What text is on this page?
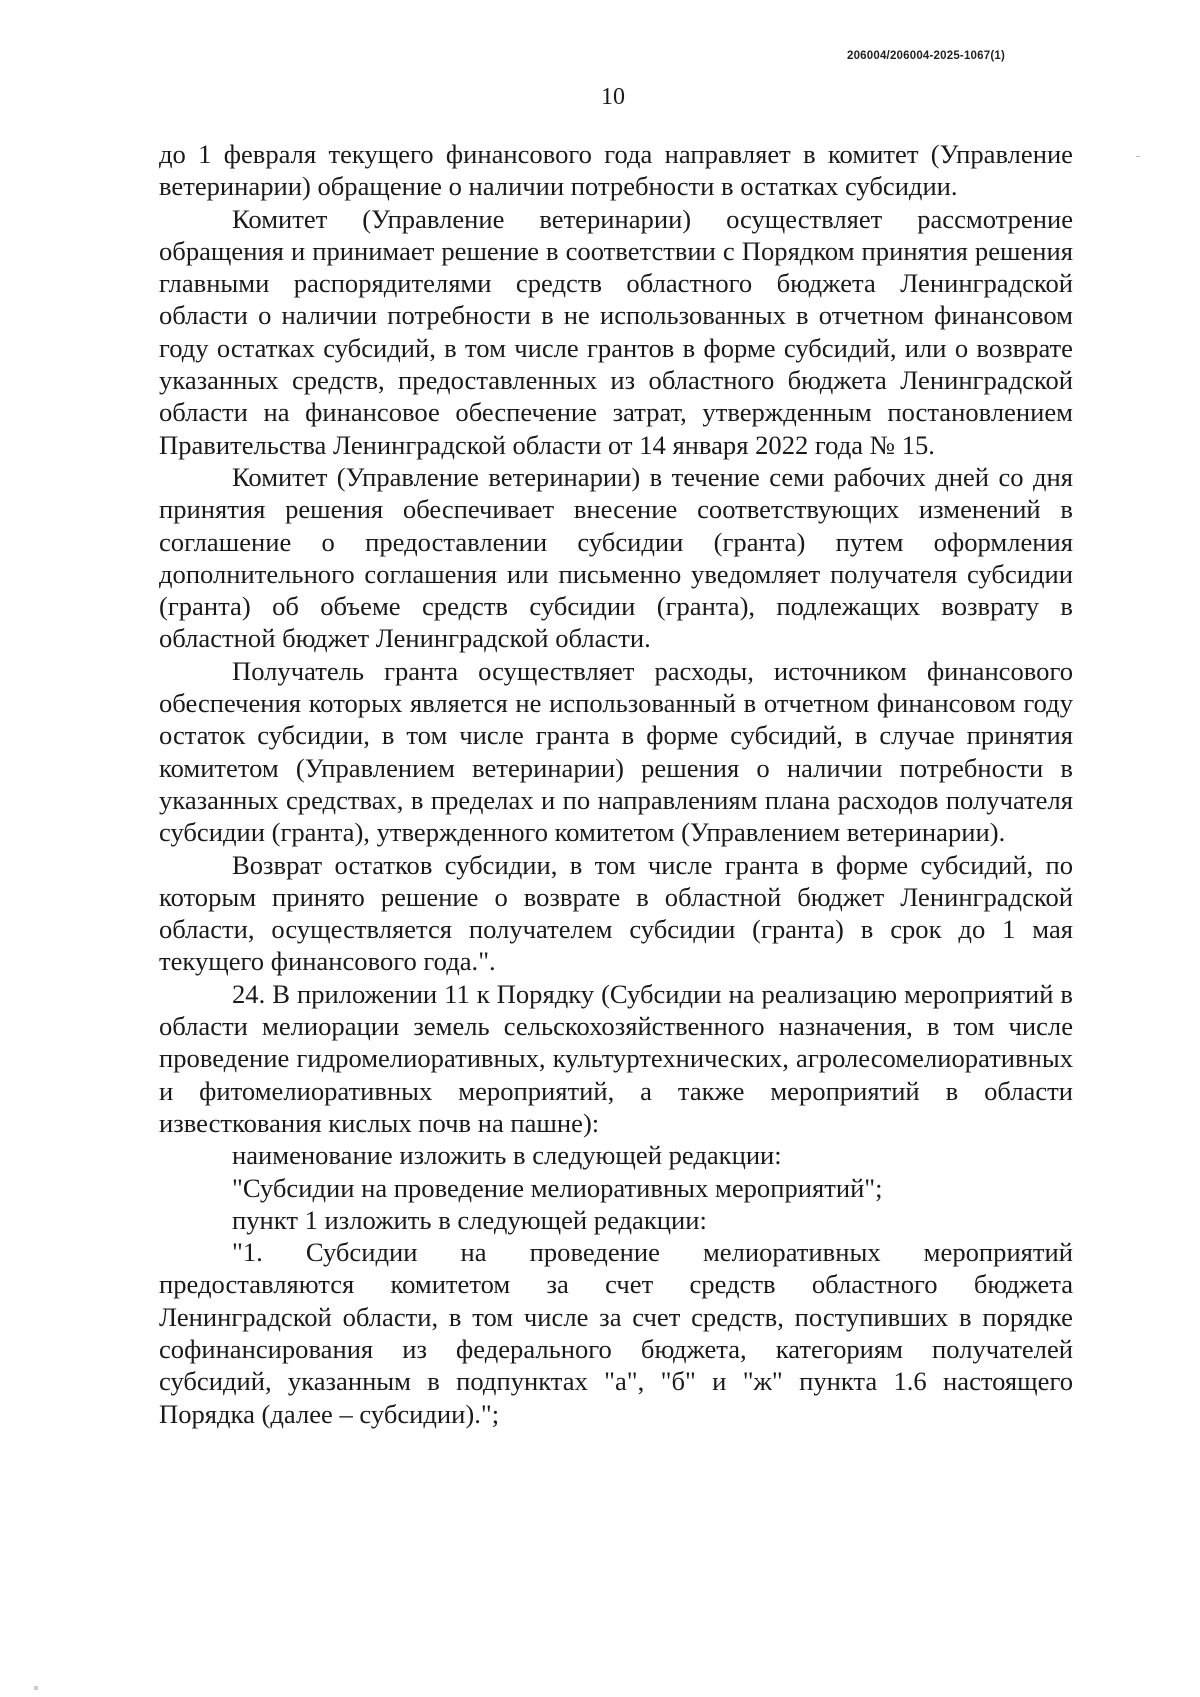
206004/206004-2025-1067(1)
10

до 1 февраля текущего финансового года направляет в комитет (Управление ветеринарии) обращение о наличии потребности в остатках субсидии.

Комитет (Управление ветеринарии) осуществляет рассмотрение обращения и принимает решение в соответствии с Порядком принятия решения главными распорядителями средств областного бюджета Ленинградской области о наличии потребности в не использованных в отчетном финансовом году остатках субсидий, в том числе грантов в форме субсидий, или о возврате указанных средств, предоставленных из областного бюджета Ленинградской области на финансовое обеспечение затрат, утвержденным постановлением Правительства Ленинградской области от 14 января 2022 года № 15.

Комитет (Управление ветеринарии) в течение семи рабочих дней со дня принятия решения обеспечивает внесение соответствующих изменений в соглашение о предоставлении субсидии (гранта) путем оформления дополнительного соглашения или письменно уведомляет получателя субсидии (гранта) об объеме средств субсидии (гранта), подлежащих возврату в областной бюджет Ленинградской области.

Получатель гранта осуществляет расходы, источником финансового обеспечения которых является не использованный в отчетном финансовом году остаток субсидии, в том числе гранта в форме субсидий, в случае принятия комитетом (Управлением ветеринарии) решения о наличии потребности в указанных средствах, в пределах и по направлениям плана расходов получателя субсидии (гранта), утвержденного комитетом (Управлением ветеринарии).

Возврат остатков субсидии, в том числе гранта в форме субсидий, по которым принято решение о возврате в областной бюджет Ленинградской области, осуществляется получателем субсидии (гранта) в срок до 1 мая текущего финансового года.".

24. В приложении 11 к Порядку (Субсидии на реализацию мероприятий в области мелиорации земель сельскохозяйственного назначения, в том числе проведение гидромелиоративных, культуртехнических, агролесомелиоративных и фитомелиоративных мероприятий, а также мероприятий в области известкования кислых почв на пашне):

наименование изложить в следующей редакции:

"Субсидии на проведение мелиоративных мероприятий";

пункт 1 изложить в следующей редакции:

"1. Субсидии на проведение мелиоративных мероприятий предоставляются комитетом за счет средств областного бюджета Ленинградской области, в том числе за счет средств, поступивших в порядке софинансирования из федерального бюджета, категориям получателей субсидий, указанным в подпунктах "а", "б" и "ж" пункта 1.6 настоящего Порядка (далее – субсидии).";
